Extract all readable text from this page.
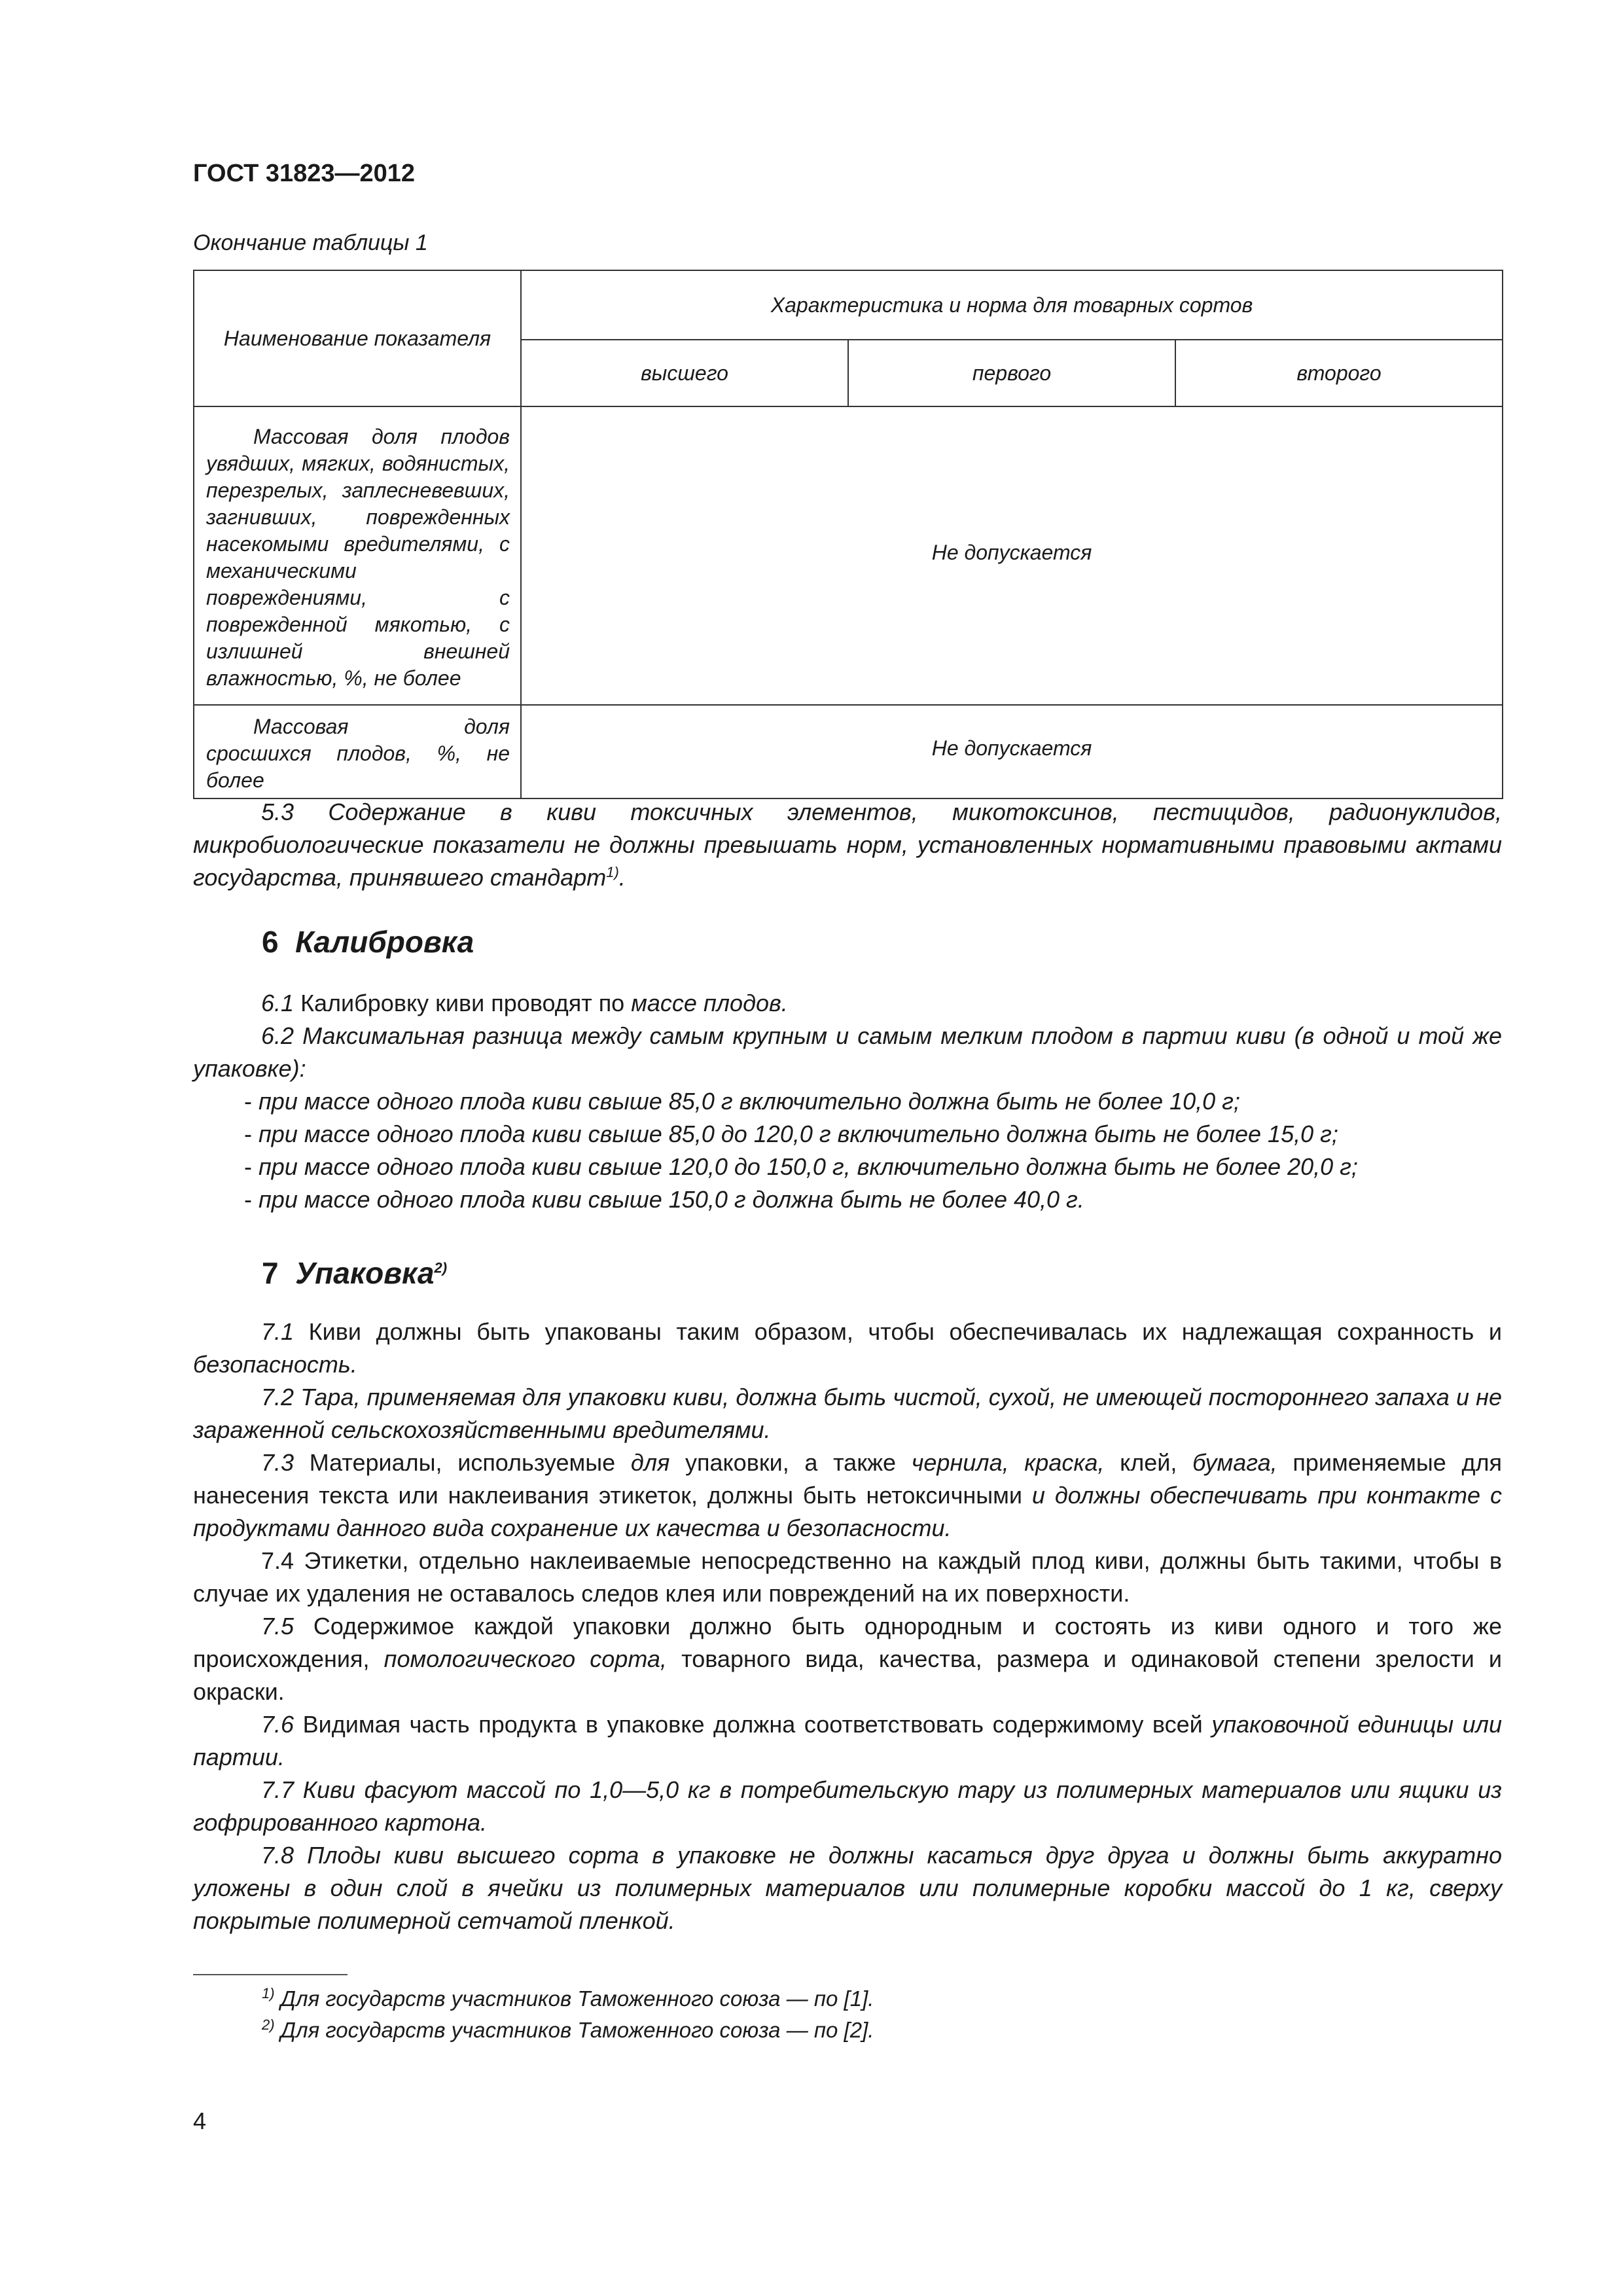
ГОСТ 31823—2012
Окончание таблицы 1
Наименование показателя	Характеристика и норма для товарных сортов		
	высшего	первого	второго
Массовая доля плодов увядших, мягких, водянистых, перезрелых, заплесневевших, загнивших, поврежденных насекомыми вредителями, с механическими повреждениями, с поврежденной мякотью, с излишней внешней влажностью, %, не более	Не допускается		
Массовая доля сросшихся плодов, %, не более	Не допускается		

5.3 Содержание в киви токсичных элементов, микотоксинов, пестицидов, радионуклидов, микробиологические показатели не должны превышать норм, установленных нормативными правовыми актами государства, принявшего стандарт$^{1)}$.

6 Калибровка

6.1 Калибровку киви проводят по массе плодов.

6.2 Максимальная разница между самым крупным и самым мелким плодом в партии киви (в одной и той же упаковке):

- при массе одного плода киви свыше 85,0 г включительно должна быть не более 10,0 г;
- при массе одного плода киви свыше 85,0 до 120,0 г включительно должна быть не более 15,0 г;
- при массе одного плода киви свыше 120,0 до 150,0 г, включительно должна быть не более 20,0 г;
- при массе одного плода киви свыше 150,0 г должна быть не более 40,0 г.
7 Упаковка$^{2)}$

7.1 Киви должны быть упакованы таким образом, чтобы обеспечивалась их надлежащая сохранность и безопасность.

7.2 Тара, применяемая для упаковки киви, должна быть чистой, сухой, не имеющей постороннего запаха и не зараженной сельскохозяйственными вредителями.

7.3 Материалы, используемые для упаковки, а также чернила, краска, клей, бумага, применяемые для нанесения текста или наклеивания этикеток, должны быть нетоксичными и должны обеспечивать при контакте с продуктами данного вида сохранение их качества и безопасности.

7.4 Этикетки, отдельно наклеиваемые непосредственно на каждый плод киви, должны быть такими, чтобы в случае их удаления не оставалось следов клея или повреждений на их поверхности.

7.5 Содержимое каждой упаковки должно быть однородным и состоять из киви одного и того же происхождения, помологического сорта, товарного вида, качества, размера и одинаковой степени зрелости и окраски.

7.6 Видимая часть продукта в упаковке должна соответствовать содержимому всей упаковочной единицы или партии.

7.7 Киви фасуют массой по 1,0—5,0 кг в потребительскую тару из полимерных материалов или ящики из гофрированного картона.

7.8 Плоды киви высшего сорта в упаковке не должны касаться друг друга и должны быть аккуратно уложены в один слой в ячейки из полимерных материалов или полимерные коробки массой до 1 кг, сверху покрытые полимерной сетчатой пленкой.

$^{1)}$ Для государств участников Таможенного союза — по [1].
$^{2)}$ Для государств участников Таможенного союза — по [2].
4
